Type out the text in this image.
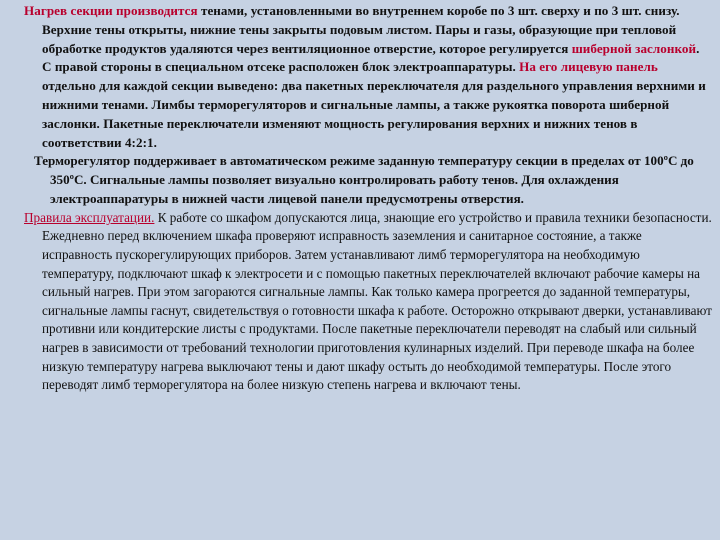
Нагрев секции производится тенами, установленными во внутреннем коробе по 3 шт. сверху и по 3 шт. снизу. Верхние тены открыты, нижние тены закрыты подовым листом. Пары и газы, образующие при тепловой обработке продуктов удаляются через вентиляционное отверстие, которое регулируется шиберной заслонкой. С правой стороны в специальном отсеке расположен блок электроаппаратуры. На его лицевую панель отдельно для каждой секции выведено: два пакетных переключателя для раздельного управления верхними и нижними тенами. Лимбы терморегуляторов и сигнальные лампы, а также рукоятка поворота шиберной заслонки. Пакетные переключатели изменяют мощность регулирования верхних и нижних тенов в соответствии 4:2:1.

Терморегулятор поддерживает в автоматическом режиме заданную температуру секции в пределах от 100ºС до 350ºС. Сигнальные лампы позволяет визуально контролировать работу тенов. Для охлаждения электроаппаратуры в нижней части лицевой панели предусмотрены отверстия.

Правила эксплуатации. К работе со шкафом допускаются лица, знающие его устройство и правила техники безопасности. Ежедневно перед включением шкафа проверяют исправность заземления и санитарное состояние, а также исправность пускорегулирующих приборов. Затем устанавливают лимб терморегулятора на необходимую температуру, подключают шкаф к электросети и с помощью пакетных переключателей включают рабочие камеры на сильный нагрев. При этом загораются сигнальные лампы. Как только камера прогреется до заданной температуры, сигнальные лампы гаснут, свидетельствуя о готовности шкафа к работе. Осторожно открывают дверки, устанавливают противни или кондитерские листы с продуктами. После пакетные переключатели переводят на слабый или сильный нагрев в зависимости от требований технологии приготовления кулинарных изделий. При переводе шкафа на более низкую температуру нагрева выключают тены и дают шкафу остыть до необходимой температуры. После этого переводят лимб терморегулятора на более низкую степень нагрева и включают тены.
